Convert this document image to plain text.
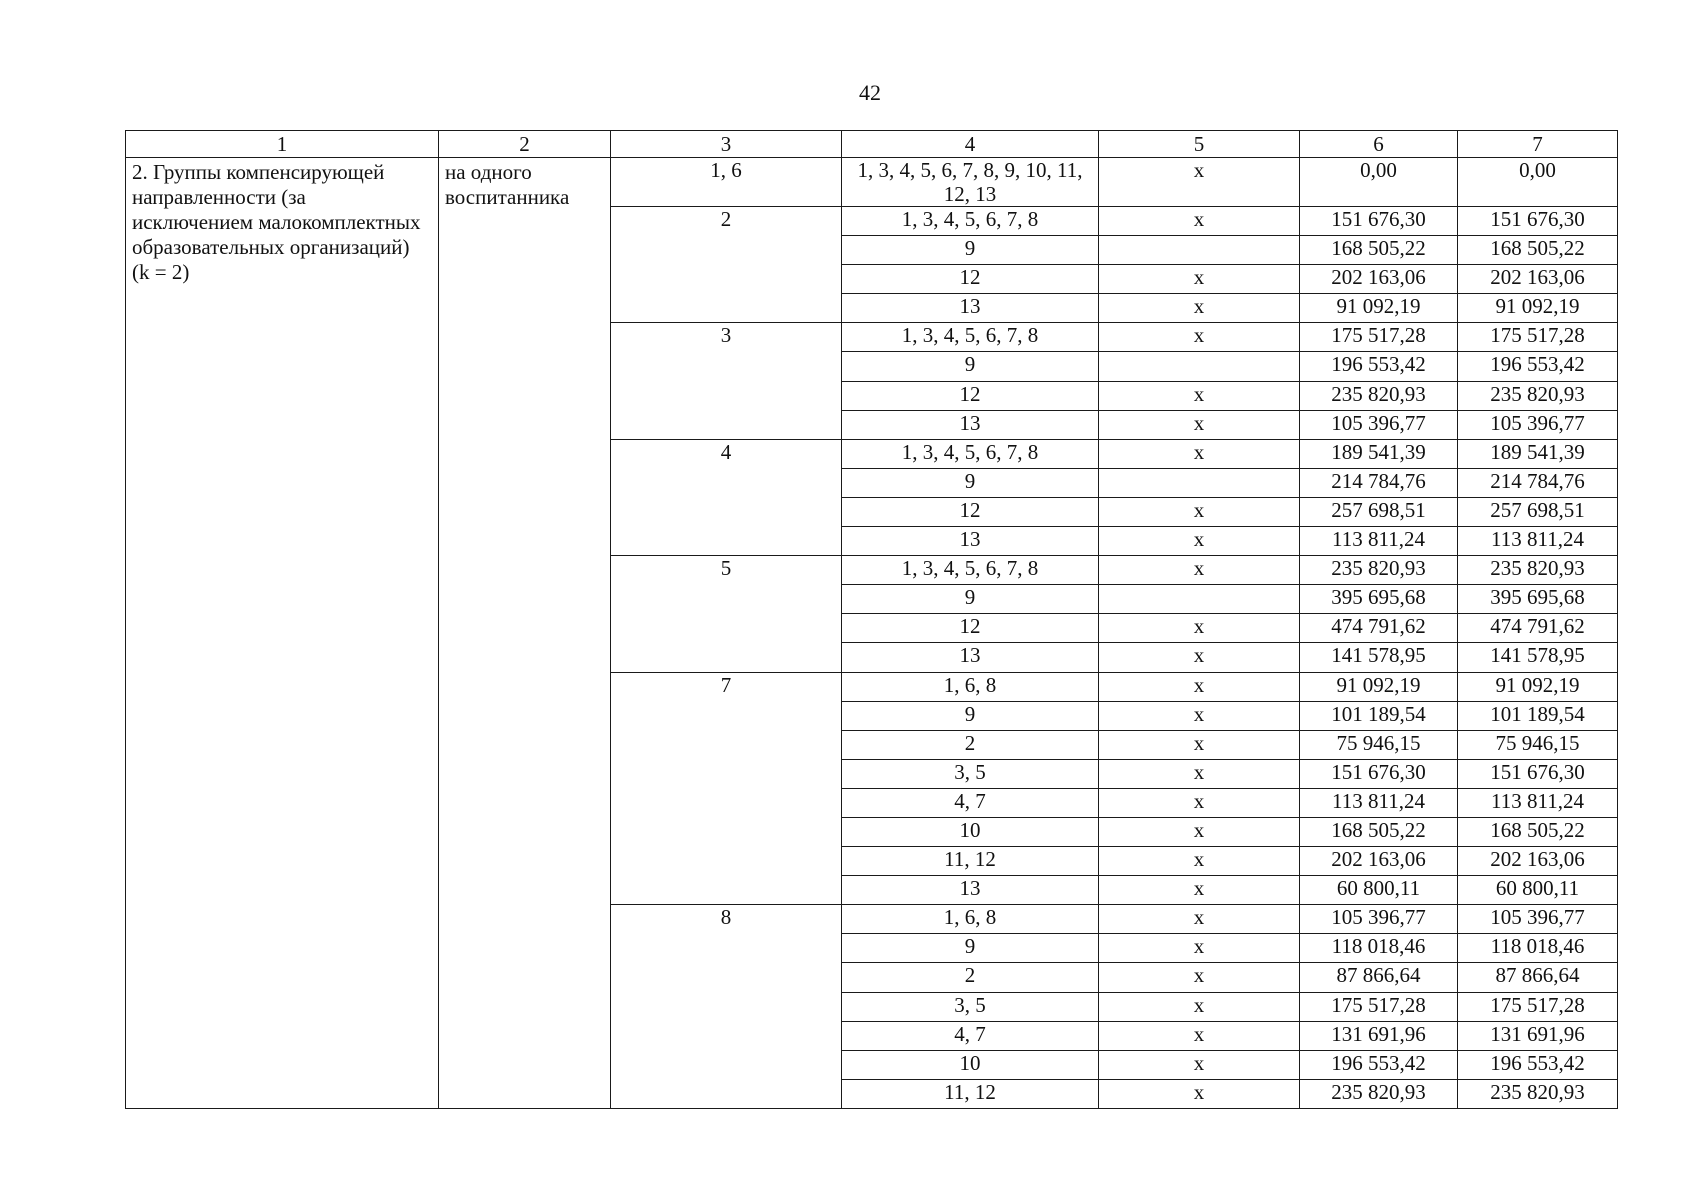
42
1	2	3	4	5	6	7
2. Группы компенсирующей направленности (за исключением малокомплектных образовательных организаций) (k = 2)	на одного воспитанника	1, 6	1, 3, 4, 5, 6, 7, 8, 9, 10, 11, 12, 13	х	0,00	0,00
		2	1, 3, 4, 5, 6, 7, 8	х	151 676,30	151 676,30
			9		168 505,22	168 505,22
			12	х	202 163,06	202 163,06
			13	х	91 092,19	91 092,19
		3	1, 3, 4, 5, 6, 7, 8	х	175 517,28	175 517,28
			9		196 553,42	196 553,42
			12	х	235 820,93	235 820,93
			13	х	105 396,77	105 396,77
		4	1, 3, 4, 5, 6, 7, 8	х	189 541,39	189 541,39
			9		214 784,76	214 784,76
			12	х	257 698,51	257 698,51
			13	х	113 811,24	113 811,24
		5	1, 3, 4, 5, 6, 7, 8	х	235 820,93	235 820,93
			9		395 695,68	395 695,68
			12	х	474 791,62	474 791,62
			13	х	141 578,95	141 578,95
		7	1, 6, 8	х	91 092,19	91 092,19
			9	х	101 189,54	101 189,54
			2	х	75 946,15	75 946,15
			3, 5	х	151 676,30	151 676,30
			4, 7	х	113 811,24	113 811,24
			10	х	168 505,22	168 505,22
			11, 12	х	202 163,06	202 163,06
			13	х	60 800,11	60 800,11
		8	1, 6, 8	х	105 396,77	105 396,77
			9	х	118 018,46	118 018,46
			2	х	87 866,64	87 866,64
			3, 5	х	175 517,28	175 517,28
			4, 7	х	131 691,96	131 691,96
			10	х	196 553,42	196 553,42
			11, 12	х	235 820,93	235 820,93
